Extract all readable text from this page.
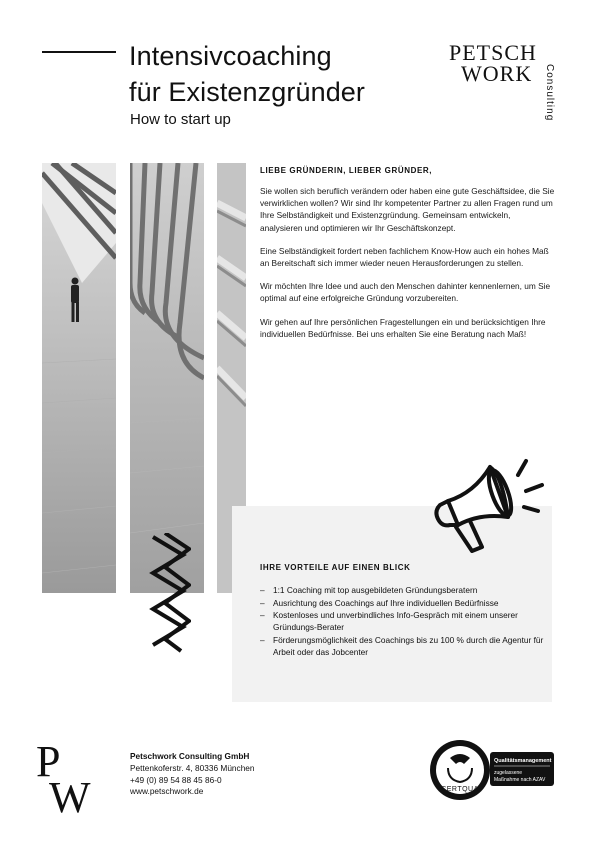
Intensivcoaching
für Existenzgründer
How to start up
PETSCH
WORK Consulting
LIEBE GRÜNDERIN, LIEBER GRÜNDER,

Sie wollen sich beruflich verändern oder haben eine gute Geschäftsidee, die Sie verwirklichen wollen? Wir sind Ihr kompetenter Partner zu allen Fragen rund um Ihre Selbständigkeit und Existenzgründung. Gemeinsam entwickeln, analysieren und optimieren wir Ihr Geschäftskonzept.

Eine Selbständigkeit fordert neben fachlichem Know-How auch ein hohes Maß an Bereitschaft sich immer wieder neuen Herausforderungen zu stellen.

Wir möchten Ihre Idee und auch den Menschen dahinter kennenlernen, um Sie optimal auf eine erfolgreiche Gründung vorzubereiten.

Wir gehen auf Ihre persönlichen Fragestellungen ein und berücksichtigen Ihre individuellen Bedürfnisse. Bei uns erhalten Sie eine Beratung nach Maß!

IHRE VORTEILE AUF EINEN BLICK
– 1:1 Coaching mit top ausgebildeten Gründungsberatern
– Ausrichtung des Coachings auf Ihre individuellen Bedürfnisse
– Kostenloses und unverbindliches Info-Gespräch mit einem unserer Gründungs-Berater
– Förderungsmöglichkeit des Coachings bis zu 100 % durch die Agentur für Arbeit oder das Jobcenter
P
W
Petschwork Consulting GmbH
Pettenkoferstr. 4, 80336 München
+49 (0) 89 54 88 45 86-0
www.petschwork.de	CERTQUA
Qualitätsmanagement
zugelassene
Maßnahme nach AZAV
